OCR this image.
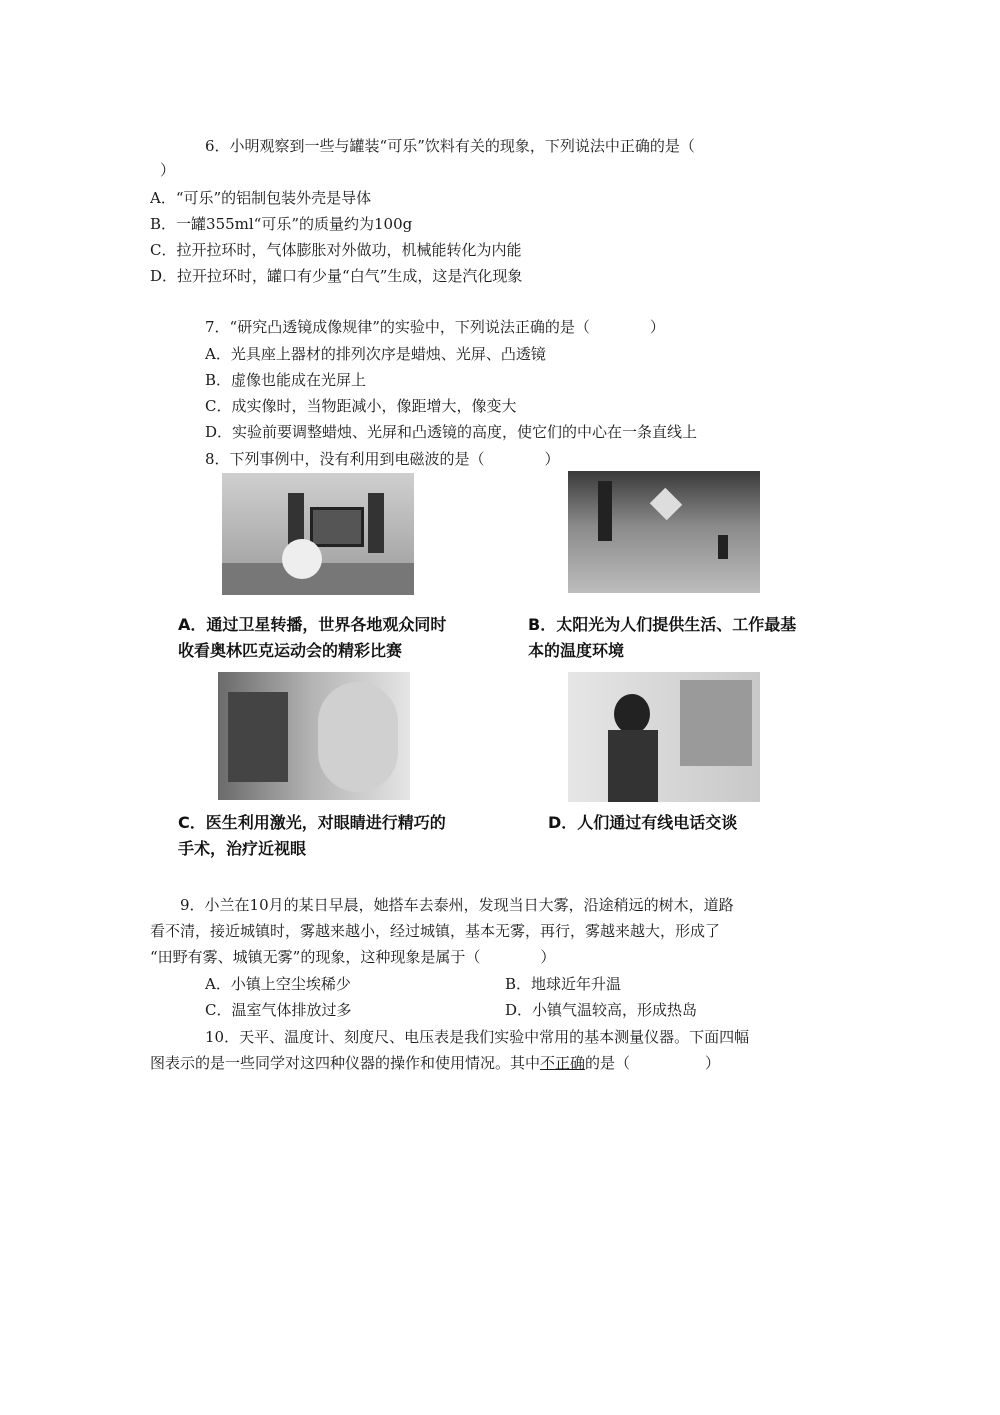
6．小明观察到一些与罐装“可乐”饮料有关的现象，下列说法中正确的是（
）
A．“可乐”的铝制包装外壳是导体
B．一罐355ml“可乐”的质量约为100g
C．拉开拉环时，气体膨胀对外做功，机械能转化为内能
D．拉开拉环时，罐口有少量“白气”生成，这是汽化现象
7．“研究凸透镜成像规律”的实验中，下列说法正确的是（　　　　）
A．光具座上器材的排列次序是蜡烛、光屏、凸透镜
B．虚像也能成在光屏上
C．成实像时，当物距减小，像距增大，像变大
D．实验前要调整蜡烛、光屏和凸透镜的高度，使它们的中心在一条直线上
8．下列事例中，没有利用到电磁波的是（　　　　）
A．通过卫星转播，世界各地观众同时
收看奥林匹克运动会的精彩比赛
B．太阳光为人们提供生活、工作最基
本的温度环境
C．医生利用激光，对眼睛进行精巧的
手术，治疗近视眼
D．人们通过有线电话交谈
9．小兰在10月的某日早晨，她搭车去泰州，发现当日大雾，沿途稍远的树木，道路
看不清，接近城镇时，雾越来越小，经过城镇，基本无雾，再行，雾越来越大，形成了
“田野有雾、城镇无雾”的现象，这种现象是属于（　　　　）
A．小镇上空尘埃稀少	B．地球近年升温
C．温室气体排放过多	D．小镇气温较高，形成热岛
10．天平、温度计、刻度尺、电压表是我们实验中常用的基本测量仪器。下面四幅
图表示的是一些同学对这四种仪器的操作和使用情况。其中不正确的是（　　　　　）
